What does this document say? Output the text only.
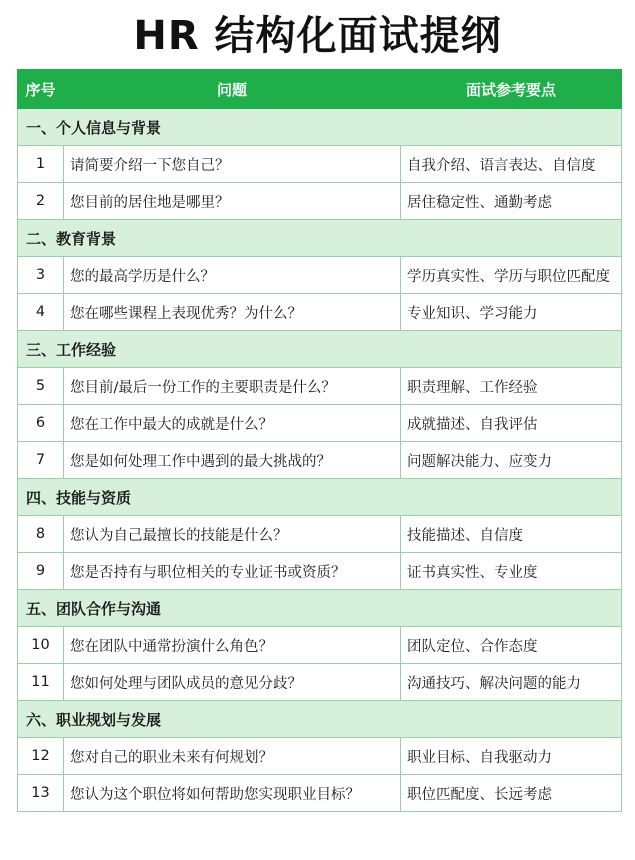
HR 结构化面试提纲
序号	问题	面试参考要点
一、个人信息与背景		
1	请简要介绍一下您自己？	自我介绍、语言表达、自信度
2	您目前的居住地是哪里？	居住稳定性、通勤考虑
二、教育背景		
3	您的最高学历是什么？	学历真实性、学历与职位匹配度
4	您在哪些课程上表现优秀？为什么？	专业知识、学习能力
三、工作经验		
5	您目前/最后一份工作的主要职责是什么？	职责理解、工作经验
6	您在工作中最大的成就是什么？	成就描述、自我评估
7	您是如何处理工作中遇到的最大挑战的？	问题解决能力、应变力
四、技能与资质		
8	您认为自己最擅长的技能是什么？	技能描述、自信度
9	您是否持有与职位相关的专业证书或资质？	证书真实性、专业度
五、团队合作与沟通		
10	您在团队中通常扮演什么角色？	团队定位、合作态度
11	您如何处理与团队成员的意见分歧？	沟通技巧、解决问题的能力
六、职业规划与发展		
12	您对自己的职业未来有何规划？	职业目标、自我驱动力
13	您认为这个职位将如何帮助您实现职业目标？	职位匹配度、长远考虑
